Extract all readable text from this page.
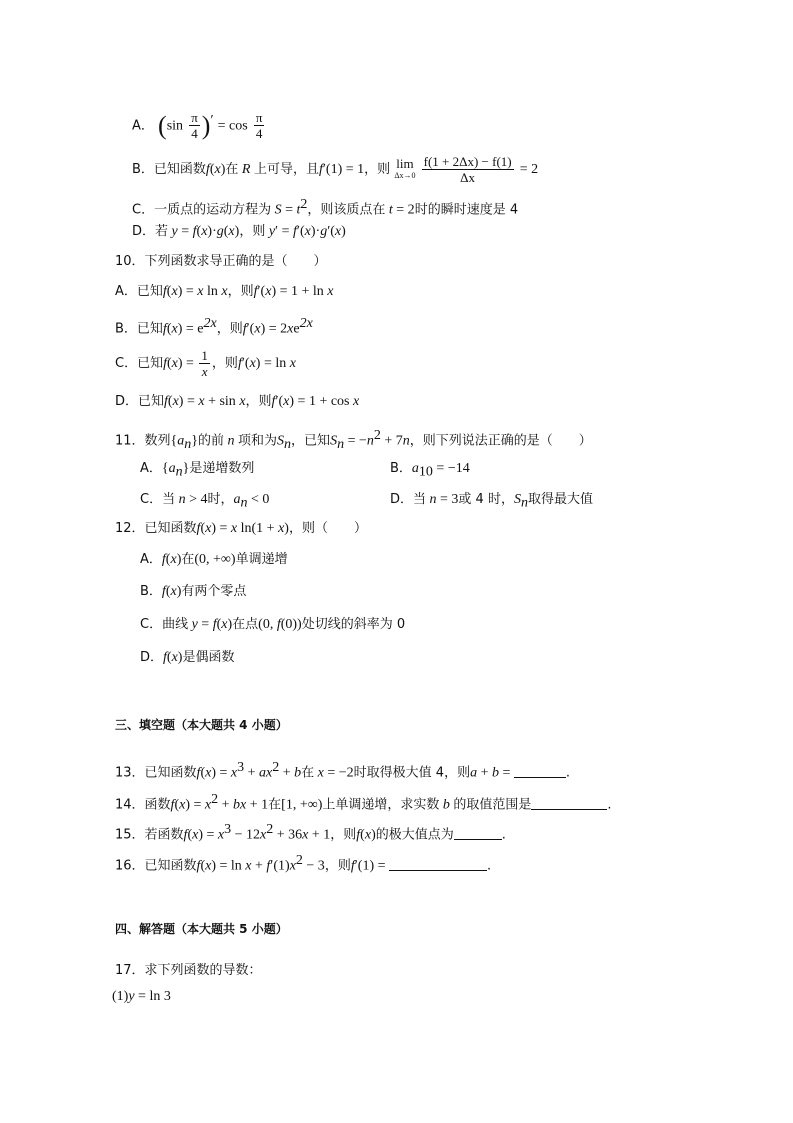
A． $(\sin \frac{\pi}{4} )' = \cos \frac{\pi}{4}$
B．已知函数f(x)在 R 上可导，且f′(1) = 1，则 lim
Δx→0
$\frac{f(1 + 2\Delta x) - f(1)}{\Delta x} = 2$
C．一质点的运动方程为 $S = t^2$，则该质点在 t = 2时的瞬时速度是 4
D．若 y = f(x)·g(x)，则 y′ = f′(x)·g′(x)
10．下列函数求导正确的是（　　）
A．已知f(x) = x ln x，则f′(x) = 1 + ln x
B．已知$f(x) = e^{2x}$，则$f'(x) = 2xe^{2x}$
C．已知$f(x) = \frac{1}{x}$ ，则f′(x) = ln x
D．已知f(x) = x + sin x，则f′(x) = 1 + cos x
11．数列$\{a_n\}$的前 n 项和为$S_n$，已知$S_n = -n^2 + 7n$，则下列说法正确的是（　　）
A．$\{a_n\}$是递增数列	B．$a_{10} = -14$
C．当 n > 4时，$a_n < 0$	D．当 n = 3或 4 时，$S_n$取得最大值
12．已知函数f(x) = x ln(1 + x)，则（　　）
A．f(x)在(0, +∞)单调递增
B．f(x)有两个零点
C．曲线 y = f(x)在点(0, f(0))处切线的斜率为 0
D．f(x)是偶函数
三、填空题（本大题共 4 小题）
13．已知函数$f(x) = x^3 + ax^2 + b$在 x = −2时取得极大值 4，则a + b =	.
14．函数$f(x) = x^2$ + bx + 1在[1, +∞)上单调递增，求实数 b 的取值范围是	.
15．若函数$f(x) = x^3 - 12x^2 + 36x + 1$，则f(x)的极大值点为	.
16．已知函数$f(x) = \ln x + f'(1)x^2 - 3$，则f′(1) =	.
四、解答题（本大题共 5 小题）
17．求下列函数的导数：
(1)y = ln 3
